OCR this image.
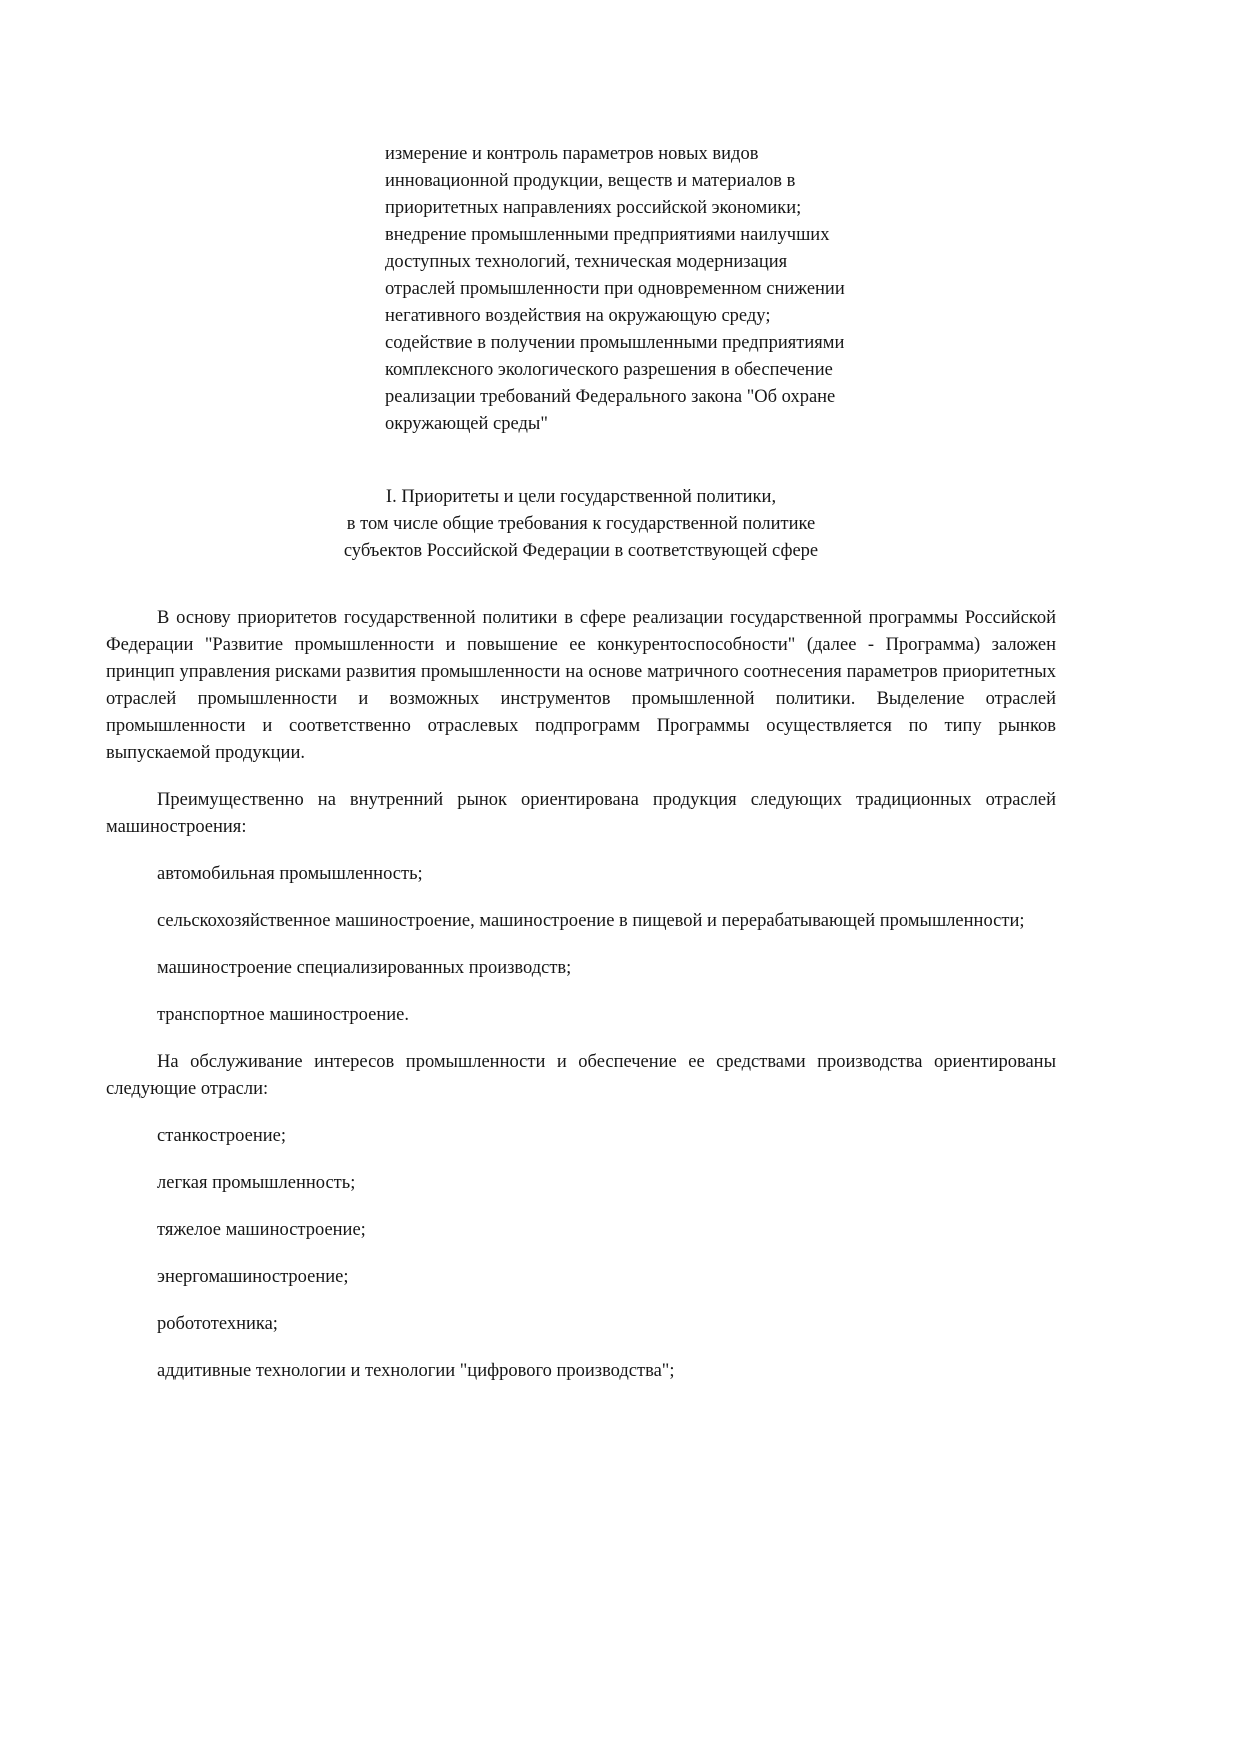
измерение и контроль параметров новых видов
инновационной продукции, веществ и материалов в
приоритетных направлениях российской экономики;
внедрение промышленными предприятиями наилучших
доступных технологий, техническая модернизация
отраслей промышленности при одновременном снижении
негативного воздействия на окружающую среду;
содействие в получении промышленными предприятиями
комплексного экологического разрешения в обеспечение
реализации требований Федерального закона "Об охране
окружающей среды"
I. Приоритеты и цели государственной политики,
в том числе общие требования к государственной политике
субъектов Российской Федерации в соответствующей сфере

В основу приоритетов государственной политики в сфере реализации государственной программы Российской Федерации "Развитие промышленности и повышение ее конкурентоспособности" (далее - Программа) заложен принцип управления рисками развития промышленности на основе матричного соотнесения параметров приоритетных отраслей промышленности и возможных инструментов промышленной политики. Выделение отраслей промышленности и соответственно отраслевых подпрограмм Программы осуществляется по типу рынков выпускаемой продукции.

Преимущественно на внутренний рынок ориентирована продукция следующих традиционных отраслей машиностроения:

автомобильная промышленность;

сельскохозяйственное машиностроение, машиностроение в пищевой и перерабатывающей промышленности;

машиностроение специализированных производств;

транспортное машиностроение.

На обслуживание интересов промышленности и обеспечение ее средствами производства ориентированы следующие отрасли:

станкостроение;

легкая промышленность;

тяжелое машиностроение;

энергомашиностроение;

робототехника;

аддитивные технологии и технологии "цифрового производства";
